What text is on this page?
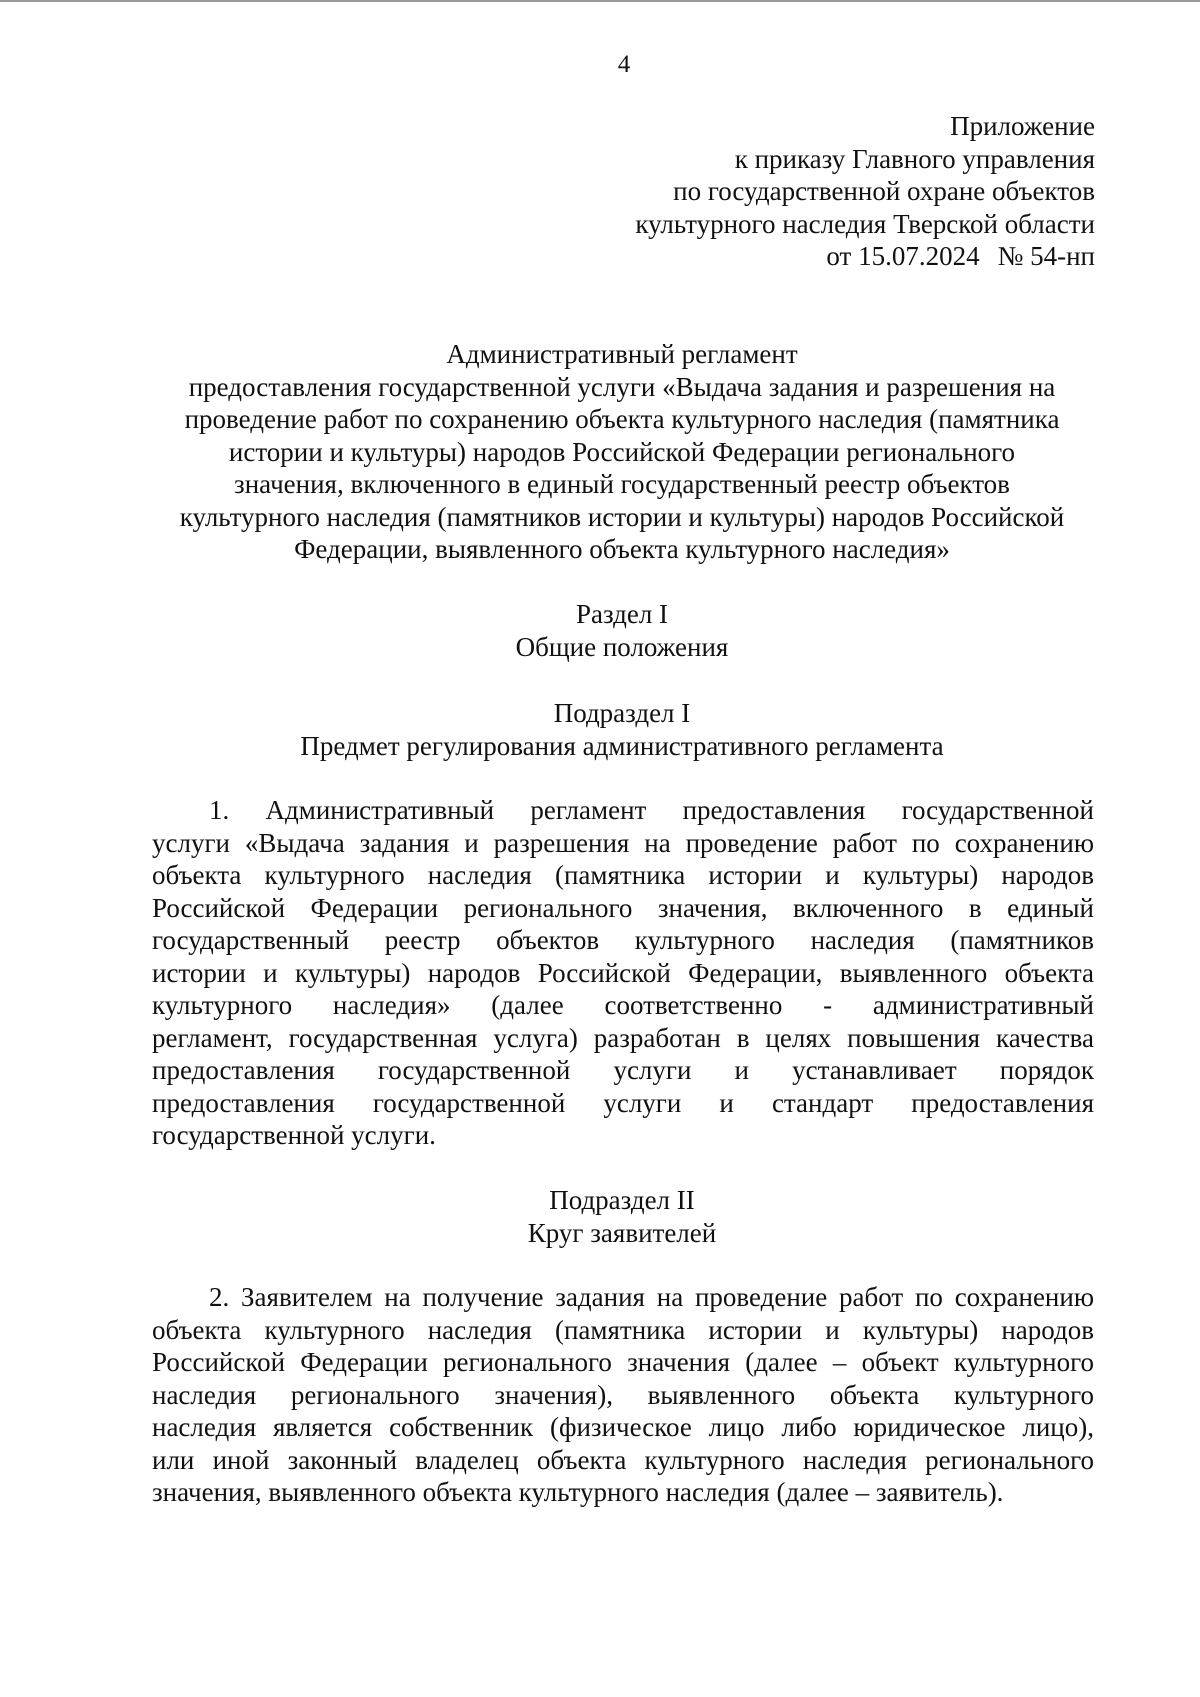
4
Приложение
к приказу Главного управления
по государственной охране объектов
культурного наследия Тверской области
от 15.07.2024 № 54-нп
Административный регламент
предоставления государственной услуги «Выдача задания и разрешения на
проведение работ по сохранению объекта культурного наследия (памятника
истории и культуры) народов Российской Федерации регионального
значения, включенного в единый государственный реестр объектов
культурного наследия (памятников истории и культуры) народов Российской
Федерации, выявленного объекта культурного наследия»
Раздел I
Общие положения
Подраздел I
Предмет регулирования административного регламента
1. Административный регламент предоставления государственной
услуги «Выдача задания и разрешения на проведение работ по сохранению
объекта культурного наследия (памятника истории и культуры) народов
Российской Федерации регионального значения, включенного в единый
государственный реестр объектов культурного наследия (памятников
истории и культуры) народов Российской Федерации, выявленного объекта
культурного наследия» (далее соответственно - административный
регламент, государственная услуга) разработан в целях повышения качества
предоставления государственной услуги и устанавливает порядок
предоставления государственной услуги и стандарт предоставления
государственной услуги.
Подраздел II
Круг заявителей
2. Заявителем на получение задания на проведение работ по сохранению
объекта культурного наследия (памятника истории и культуры) народов
Российской Федерации регионального значения (далее – объект культурного
наследия регионального значения), выявленного объекта культурного
наследия является собственник (физическое лицо либо юридическое лицо),
или иной законный владелец объекта культурного наследия регионального
значения, выявленного объекта культурного наследия (далее – заявитель).
